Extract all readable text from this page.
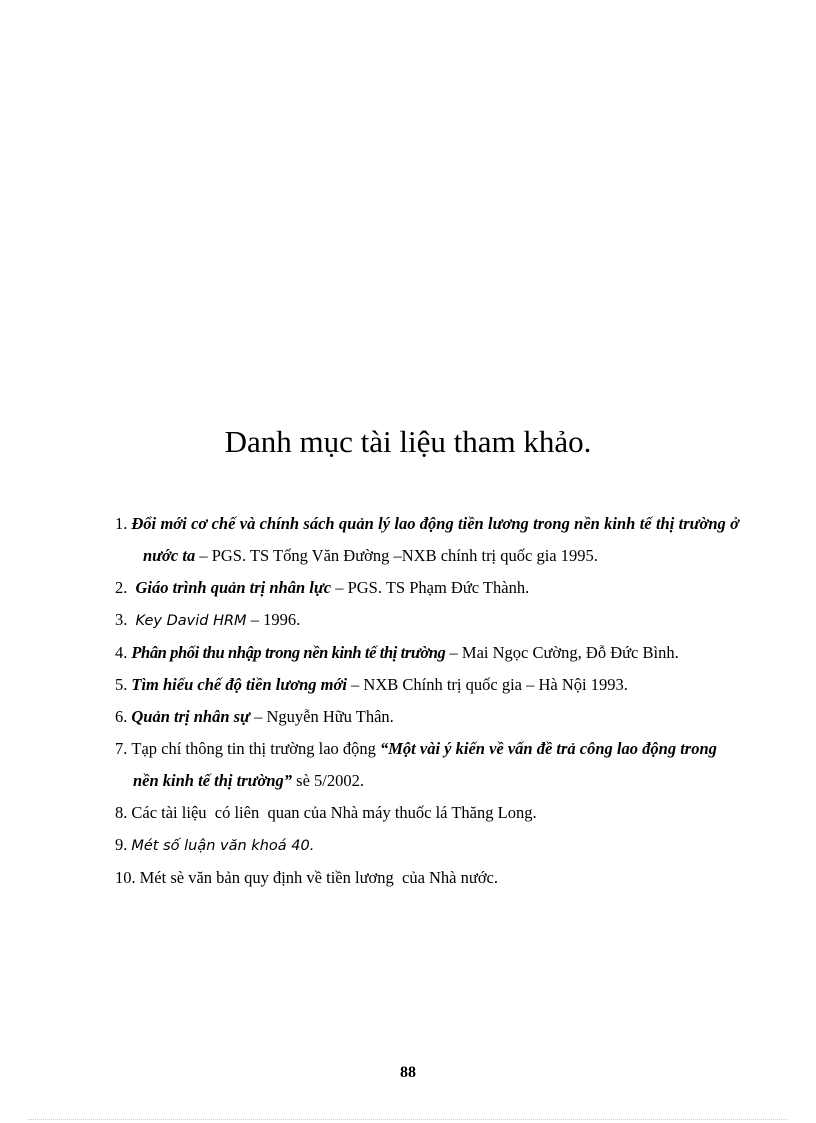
Danh mục tài liệu tham khảo.

1. Đổi mới cơ chế và chính sách quản lý lao động tiền lương trong nền kinh tế thị trường ở nước ta – PGS. TS Tống Văn Đường –NXB chính trị quốc gia 1995.

2. Giáo trình quản trị nhân lực – PGS. TS Phạm Đức Thành.

3. Key David HRM – 1996.

4. Phân phối thu nhập trong nền kinh tế thị trường – Mai Ngọc Cường, Đỗ Đức Bình.

5. Tìm hiểu chế độ tiền lương mới – NXB Chính trị quốc gia – Hà Nội 1993.

6. Quản trị nhân sự – Nguyễn Hữu Thân.

7. Tạp chí thông tin thị trường lao động “Một vài ý kiến về vấn đề trả công lao động trong nền kinh tế thị trường” sè 5/2002.

8. Các tài liệu  có liên  quan của Nhà máy thuốc lá Thăng Long.

9. Mét số luận văn khoá 40.

10. Mét sè văn bản quy định về tiền lương  của Nhà nước.

88
